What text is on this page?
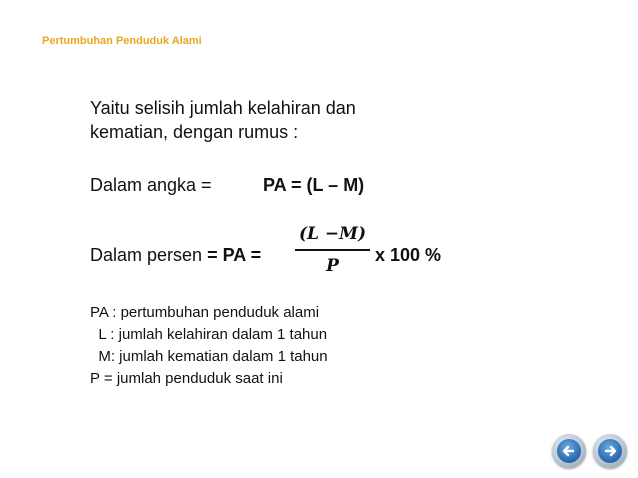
Pertumbuhan Penduduk Alami
Yaitu selisih jumlah kelahiran dan
kematian, dengan rumus :
Dalam angka =	PA = (L – M)
Dalam persen = PA =
(L −M)
P
x 100 %
PA : pertumbuhan penduduk alami
L : jumlah kelahiran dalam 1 tahun
M: jumlah kematian dalam 1 tahun
P = jumlah penduduk saat ini
